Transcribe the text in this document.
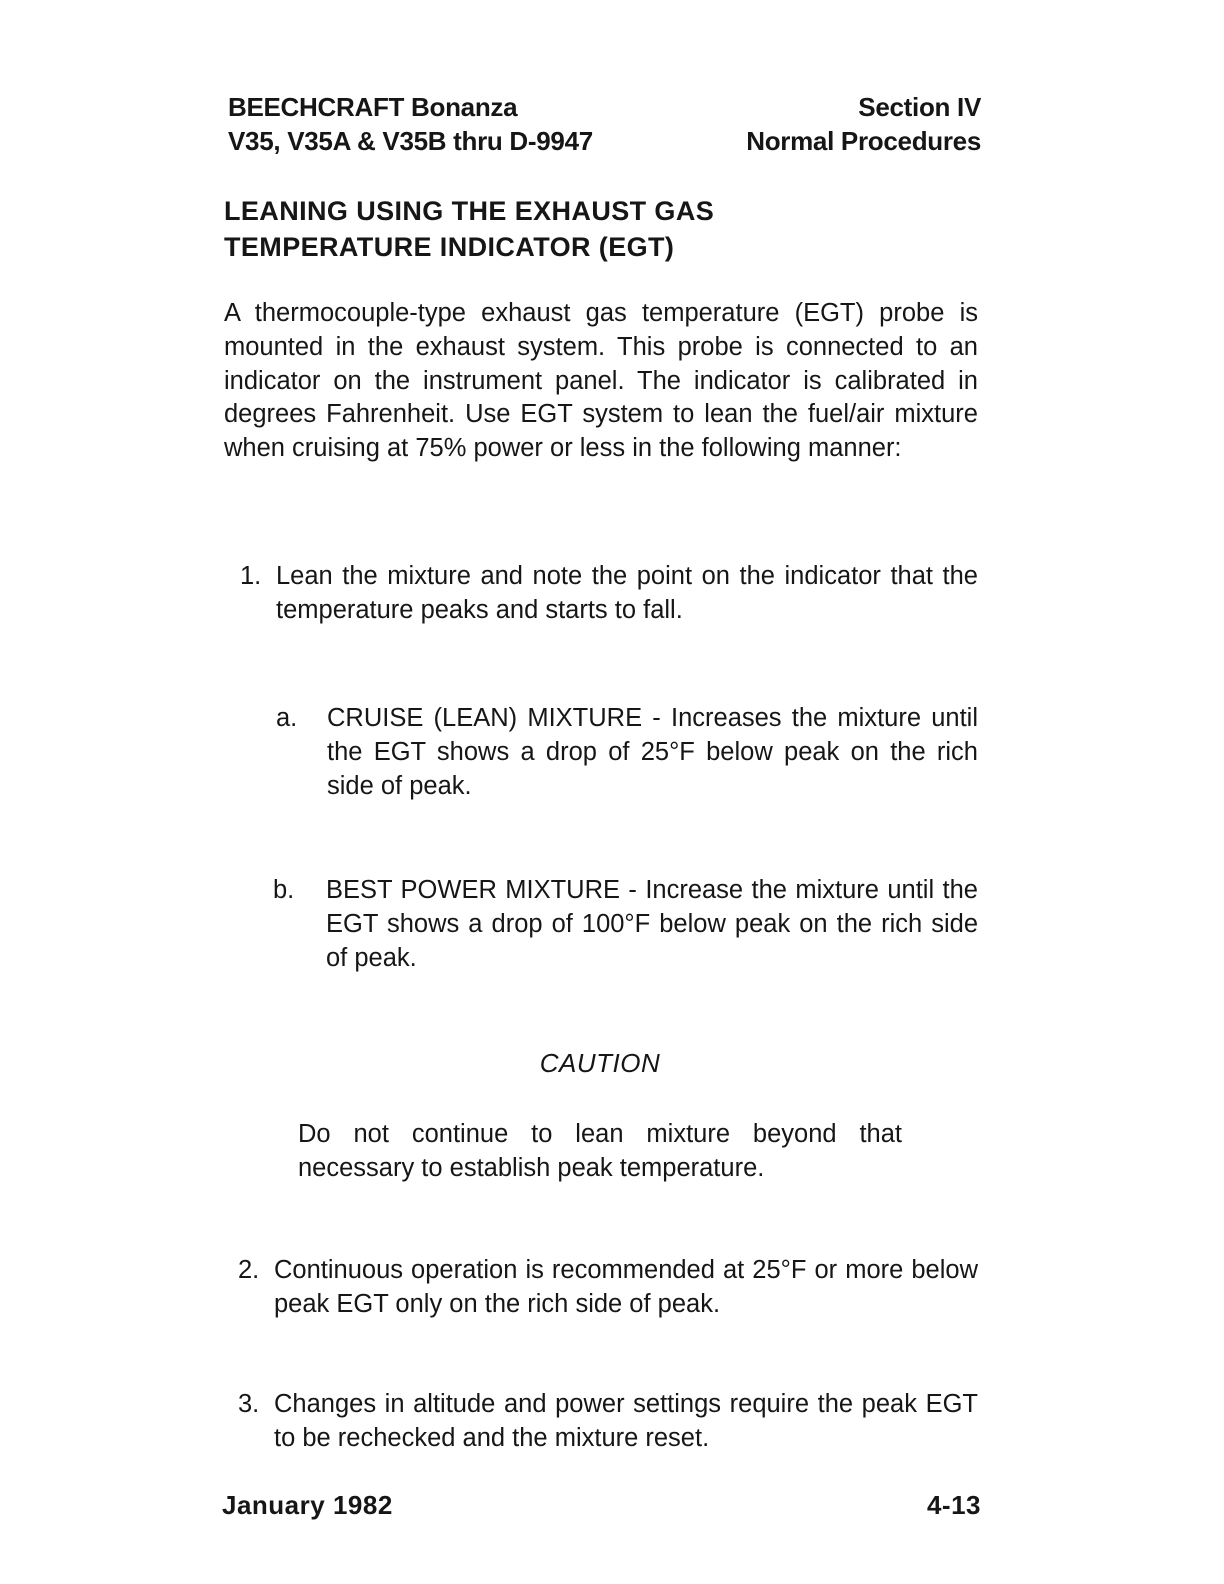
BEECHCRAFT Bonanza
V35, V35A & V35B thru D-9947
Section IV
Normal Procedures
LEANING USING THE EXHAUST GAS
TEMPERATURE INDICATOR (EGT)
A thermocouple-type exhaust gas temperature (EGT) probe is mounted in the exhaust system. This probe is connected to an indicator on the instrument panel. The indicator is calibrated in degrees Fahrenheit. Use EGT system to lean the fuel/air mixture when cruising at 75% power or less in the following manner:
1. Lean the mixture and note the point on the indicator that the temperature peaks and starts to fall.
a. CRUISE (LEAN) MIXTURE - Increases the mixture until the EGT shows a drop of 25°F below peak on the rich side of peak.
b. BEST POWER MIXTURE - Increase the mixture until the EGT shows a drop of 100°F below peak on the rich side of peak.
CAUTION
Do not continue to lean mixture beyond that necessary to establish peak temperature.
2. Continuous operation is recommended at 25°F or more below peak EGT only on the rich side of peak.
3. Changes in altitude and power settings require the peak EGT to be rechecked and the mixture reset.
January 1982	4-13
